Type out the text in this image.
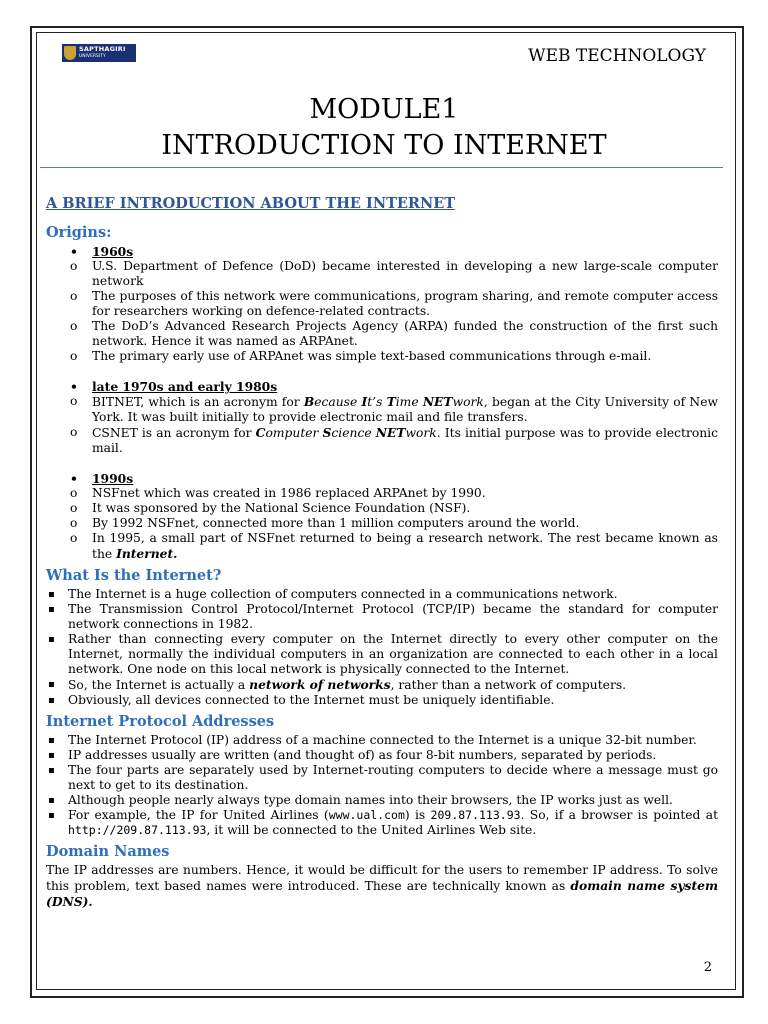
SAPTHAGIRI
UNIVERSITY	WEB TECHNOLOGY
MODULE1
INTRODUCTION TO INTERNET
A BRIEF INTRODUCTION ABOUT THE INTERNET
Origins:
• 1960s
o U.S. Department of Defence (DoD) became interested in developing a new large-scale computer network
o The purposes of this network were communications, program sharing, and remote computer access for researchers working on defence-related contracts.
o The DoD’s Advanced Research Projects Agency (ARPA) funded the construction of the first such network. Hence it was named as ARPAnet.
o The primary early use of ARPAnet was simple text-based communications through e-mail.
• late 1970s and early 1980s
o BITNET, which is an acronym for Because It’s Time NETwork, began at the City University of New York. It was built initially to provide electronic mail and file transfers.
o CSNET is an acronym for Computer Science NETwork. Its initial purpose was to provide electronic mail.
• 1990s
o NSFnet which was created in 1986 replaced ARPAnet by 1990.
o It was sponsored by the National Science Foundation (NSF).
o By 1992 NSFnet, connected more than 1 million computers around the world.
o In 1995, a small part of NSFnet returned to being a research network. The rest became known as the Internet.
What Is the Internet?
▪ The Internet is a huge collection of computers connected in a communications network.
▪ The Transmission Control Protocol/Internet Protocol (TCP/IP) became the standard for computer network connections in 1982.
▪ Rather than connecting every computer on the Internet directly to every other computer on the Internet, normally the individual computers in an organization are connected to each other in a local network. One node on this local network is physically connected to the Internet.
▪ So, the Internet is actually a network of networks, rather than a network of computers.
▪ Obviously, all devices connected to the Internet must be uniquely identifiable.
Internet Protocol Addresses
▪ The Internet Protocol (IP) address of a machine connected to the Internet is a unique 32-bit number.
▪ IP addresses usually are written (and thought of) as four 8-bit numbers, separated by periods.
▪ The four parts are separately used by Internet-routing computers to decide where a message must go next to get to its destination.
▪ Although people nearly always type domain names into their browsers, the IP works just as well.
▪ For example, the IP for United Airlines (www.ual.com) is 209.87.113.93. So, if a browser is pointed at http://209.87.113.93, it will be connected to the United Airlines Web site.
Domain Names
The IP addresses are numbers. Hence, it would be difficult for the users to remember IP address. To solve this problem, text based names were introduced. These are technically known as domain name system (DNS).
2
